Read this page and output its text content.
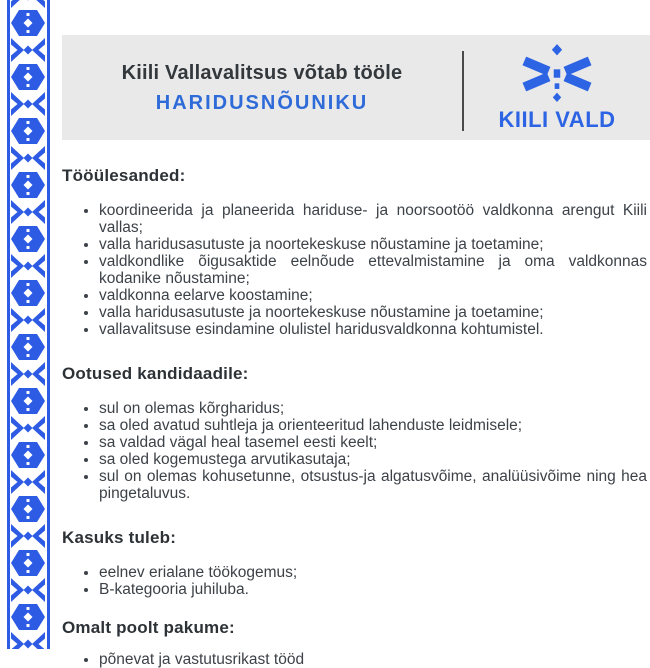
Kiili Vallavalitsus võtab tööle
HARIDUSNÕUNIKU
KIILI VALD
Tööülesanded:
• koordineerida ja planeerida hariduse- ja noorsootöö valdkonna arengut Kiili vallas;
• valla haridusasutuste ja noortekeskuse nõustamine ja toetamine;
• valdkondlike õigusaktide eelnõude ettevalmistamine ja oma valdkonnas kodanike nõustamine;
• valdkonna eelarve koostamine;
• valla haridusasutuste ja noortekeskuse nõustamine ja toetamine;
• vallavalitsuse esindamine olulistel haridusvaldkonna kohtumistel.
Ootused kandidaadile:
• sul on olemas kõrgharidus;
• sa oled avatud suhtleja ja orienteeritud lahenduste leidmisele;
• sa valdad vägal heal tasemel eesti keelt;
• sa oled kogemustega arvutikasutaja;
• sul on olemas kohusetunne, otsustus-ja algatusvõime, analüüsivõime ning hea pingetaluvus.
Kasuks tuleb:
• eelnev erialane töökogemus;
• B-kategooria juhiluba.
Omalt poolt pakume:
• põnevat ja vastutusrikast tööd
